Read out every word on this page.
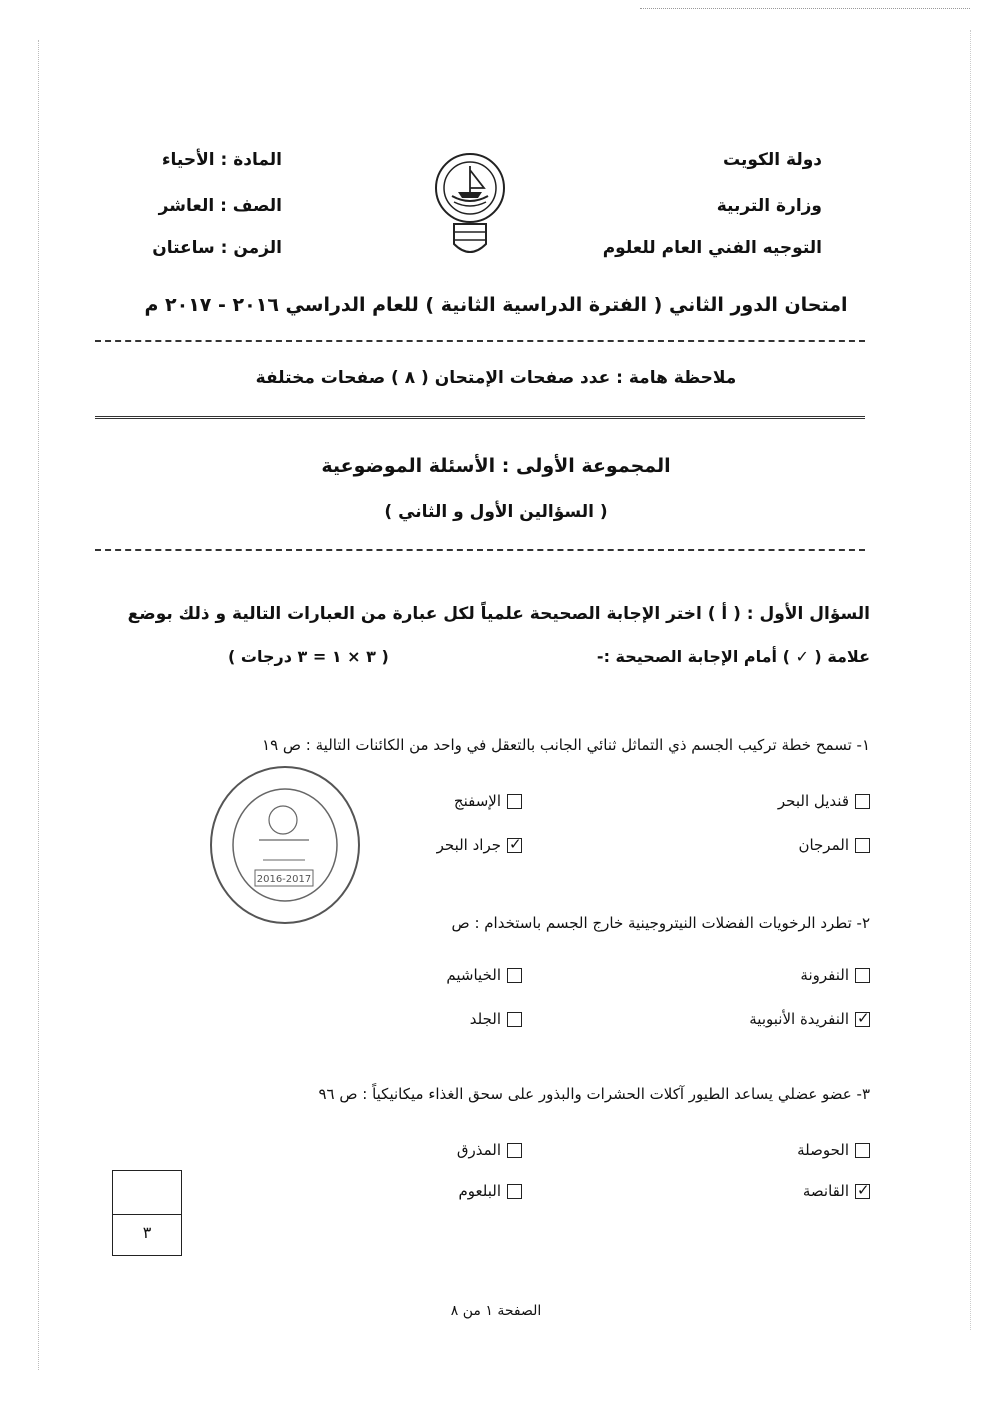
دولة الكويت
وزارة التربية
التوجيه الفني العام للعلوم
المادة : الأحياء
الصف : العاشر
الزمن : ساعتان
امتحان الدور الثاني ( الفترة الدراسية الثانية ) للعام الدراسي ٢٠١٦ - ٢٠١٧ م
ملاحظة هامة : عدد صفحات الإمتحان ( ٨ ) صفحات مختلفة
المجموعة الأولى : الأسئلة الموضوعية
( السؤالين الأول و الثاني )
السؤال الأول : ( أ ) اختر الإجابة الصحيحة علمياً لكل عبارة من العبارات التالية و ذلك بوضع
علامة ( ✓ ) أمام الإجابة الصحيحة :-
( ٣ × ١ = ٣ درجات )
١- تسمح خطة تركيب الجسم ذي التماثل ثنائي الجانب بالتعقل في واحد من الكائنات التالية : ص ١٩
قنديل البحر
الإسفنج
المرجان
✓
جراد البحر
2016-2017
٢- تطرد الرخويات الفضلات النيتروجينية خارج الجسم باستخدام : ص
النفرونة
الخياشيم
✓
النفريدة الأنبوبية
الجلد
٣- عضو عضلي يساعد الطيور آكلات الحشرات والبذور على سحق الغذاء ميكانيكياً : ص ٩٦
الحوصلة
المذرق
✓
القانصة
البلعوم
٣
الصفحة ١ من ٨
